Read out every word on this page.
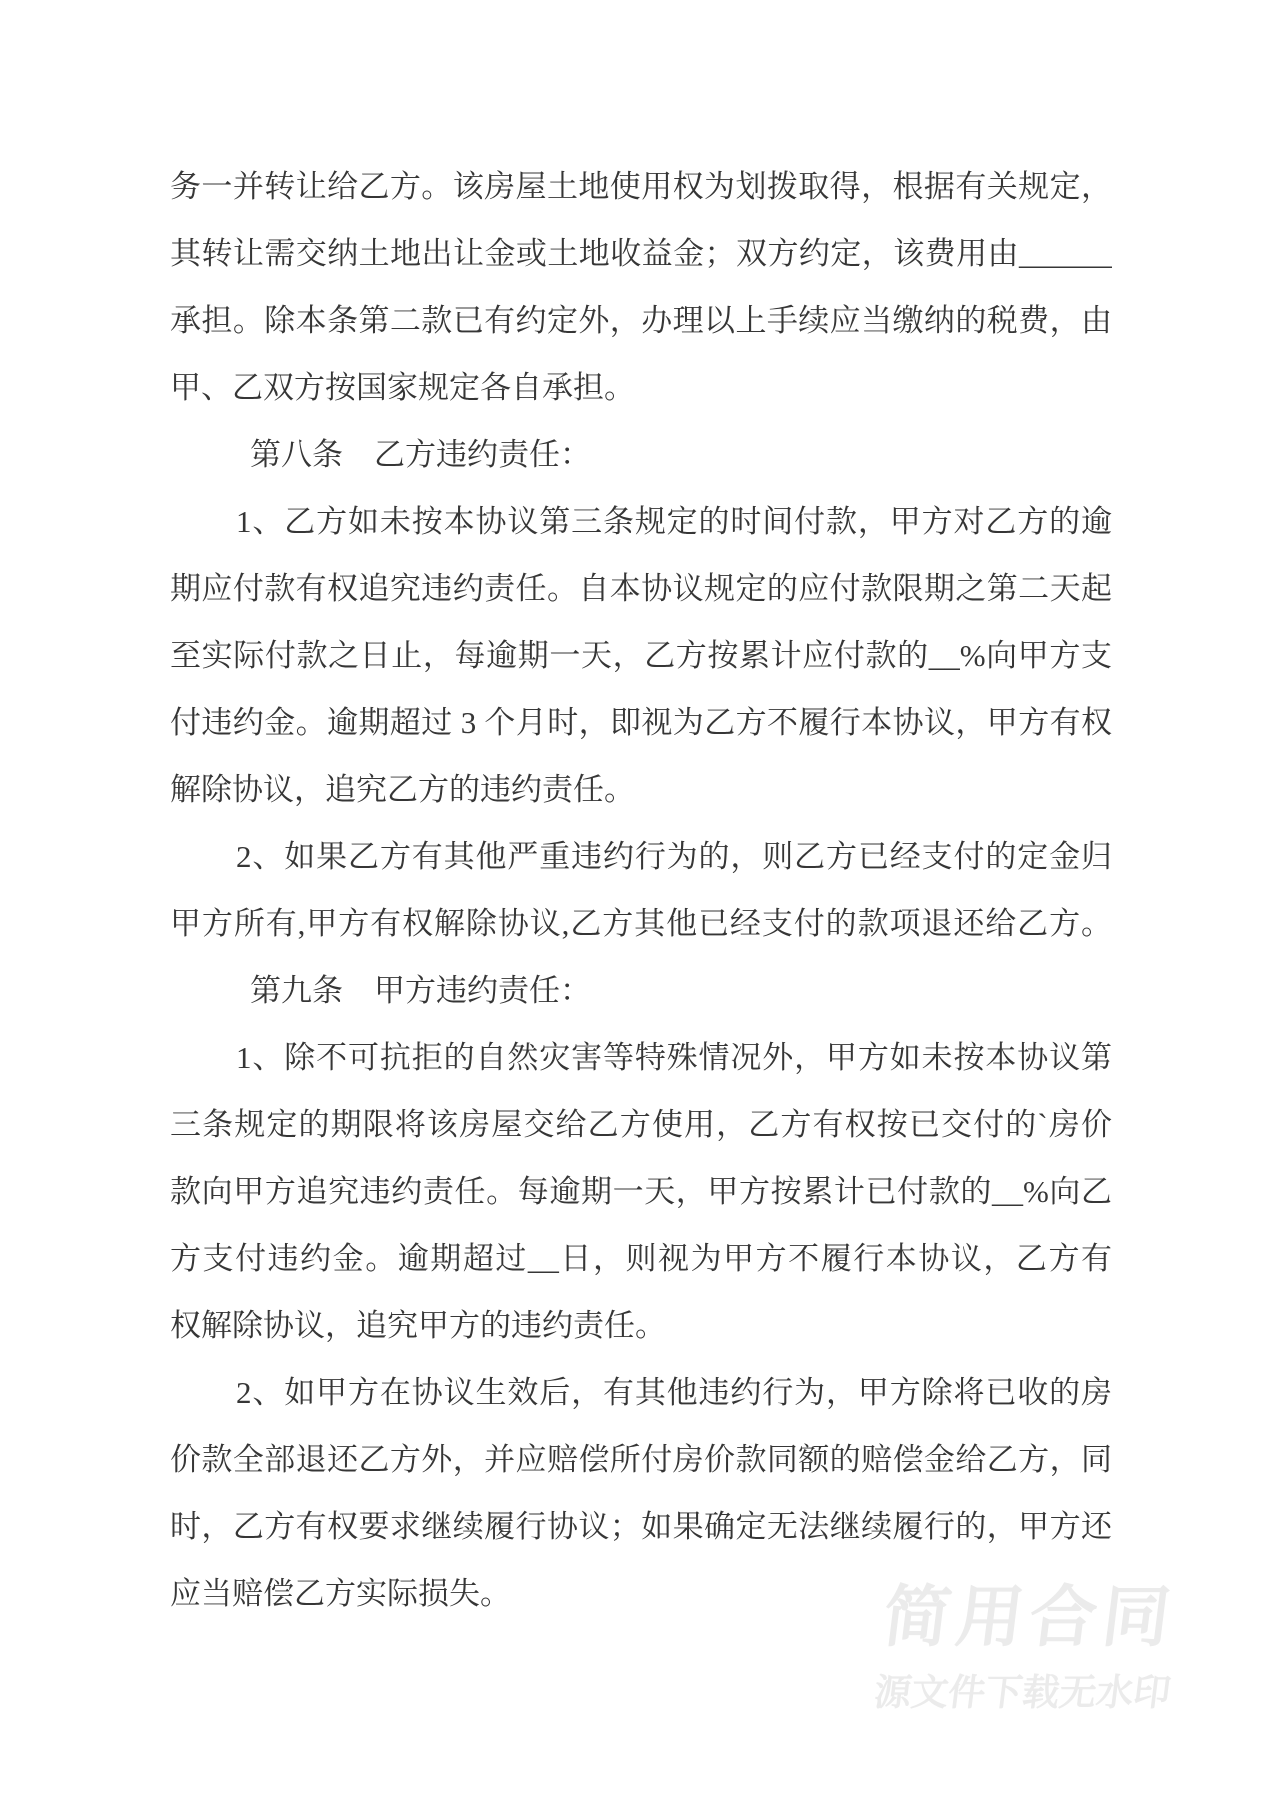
务一并转让给乙方。该房屋土地使用权为划拨取得，根据有关规定，
其转让需交纳土地出让金或土地收益金；双方约定，该费用由______
承担。除本条第二款已有约定外，办理以上手续应当缴纳的税费，由
甲、乙双方按国家规定各自承担。
第八条　乙方违约责任：
1、乙方如未按本协议第三条规定的时间付款，甲方对乙方的逾
期应付款有权追究违约责任。自本协议规定的应付款限期之第二天起
至实际付款之日止，每逾期一天，乙方按累计应付款的__%向甲方支
付违约金。逾期超过 3 个月时，即视为乙方不履行本协议，甲方有权
解除协议，追究乙方的违约责任。
2、如果乙方有其他严重违约行为的，则乙方已经支付的定金归
甲方所有,甲方有权解除协议,乙方其他已经支付的款项退还给乙方。
第九条　甲方违约责任：
1、除不可抗拒的自然灾害等特殊情况外，甲方如未按本协议第
三条规定的期限将该房屋交给乙方使用，乙方有权按已交付的`房价
款向甲方追究违约责任。每逾期一天，甲方按累计已付款的__%向乙
方支付违约金。逾期超过__日，则视为甲方不履行本协议，乙方有
权解除协议，追究甲方的违约责任。
2、如甲方在协议生效后，有其他违约行为，甲方除将已收的房
价款全部退还乙方外，并应赔偿所付房价款同额的赔偿金给乙方，同
时，乙方有权要求继续履行协议；如果确定无法继续履行的，甲方还
应当赔偿乙方实际损失。	简用合同
源文件下载无水印
